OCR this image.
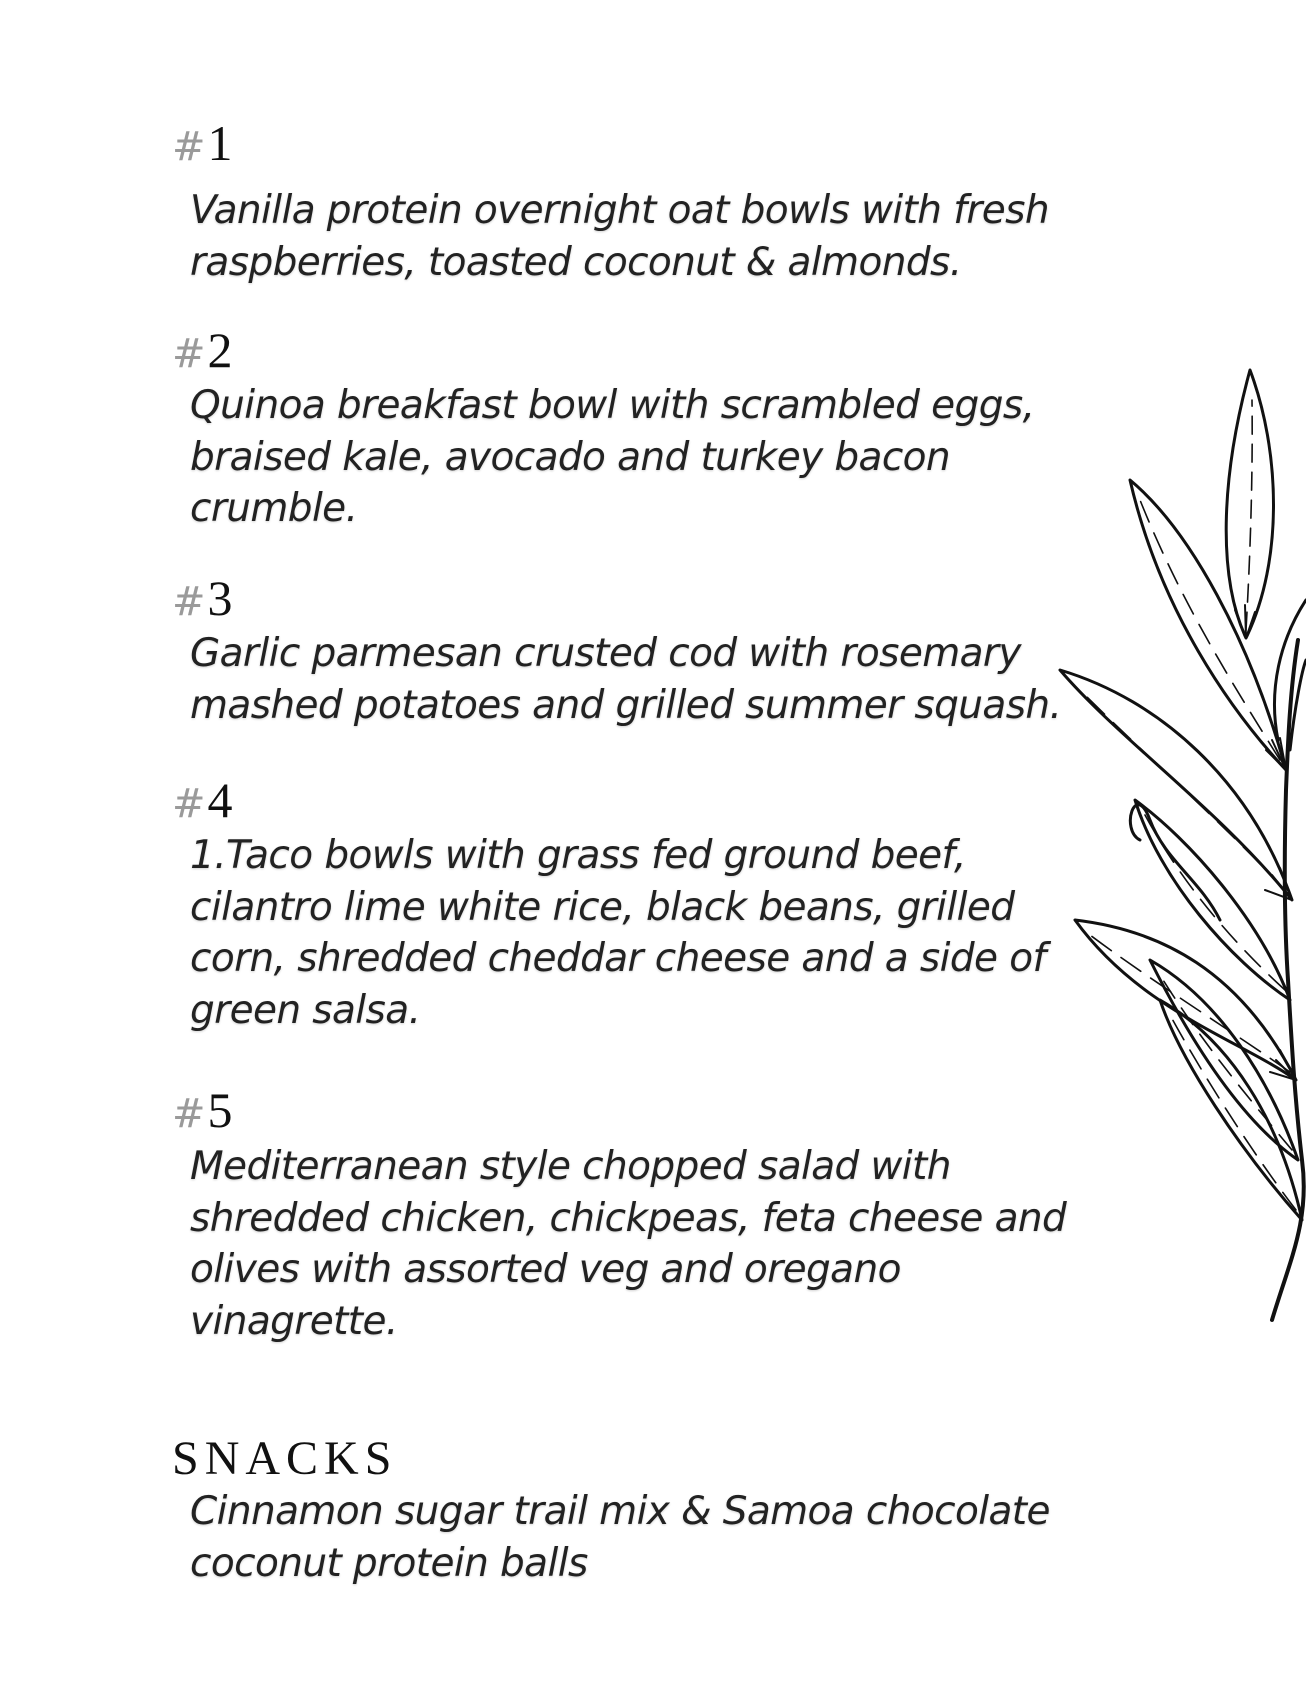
#1
Vanilla protein overnight oat bowls with fresh
raspberries, toasted coconut & almonds.
#2
Quinoa breakfast bowl with scrambled eggs,
braised kale, avocado and turkey bacon
crumble.
#3
Garlic parmesan crusted cod with rosemary
mashed potatoes and grilled summer squash.
#4
1.Taco bowls with grass fed ground beef,
cilantro lime white rice, black beans, grilled
corn, shredded cheddar cheese and a side of
green salsa.
#5
Mediterranean style chopped salad with
shredded chicken, chickpeas, feta cheese and
olives with assorted veg and oregano
vinagrette.
SNACKS
Cinnamon sugar trail mix & Samoa chocolate
coconut protein balls
